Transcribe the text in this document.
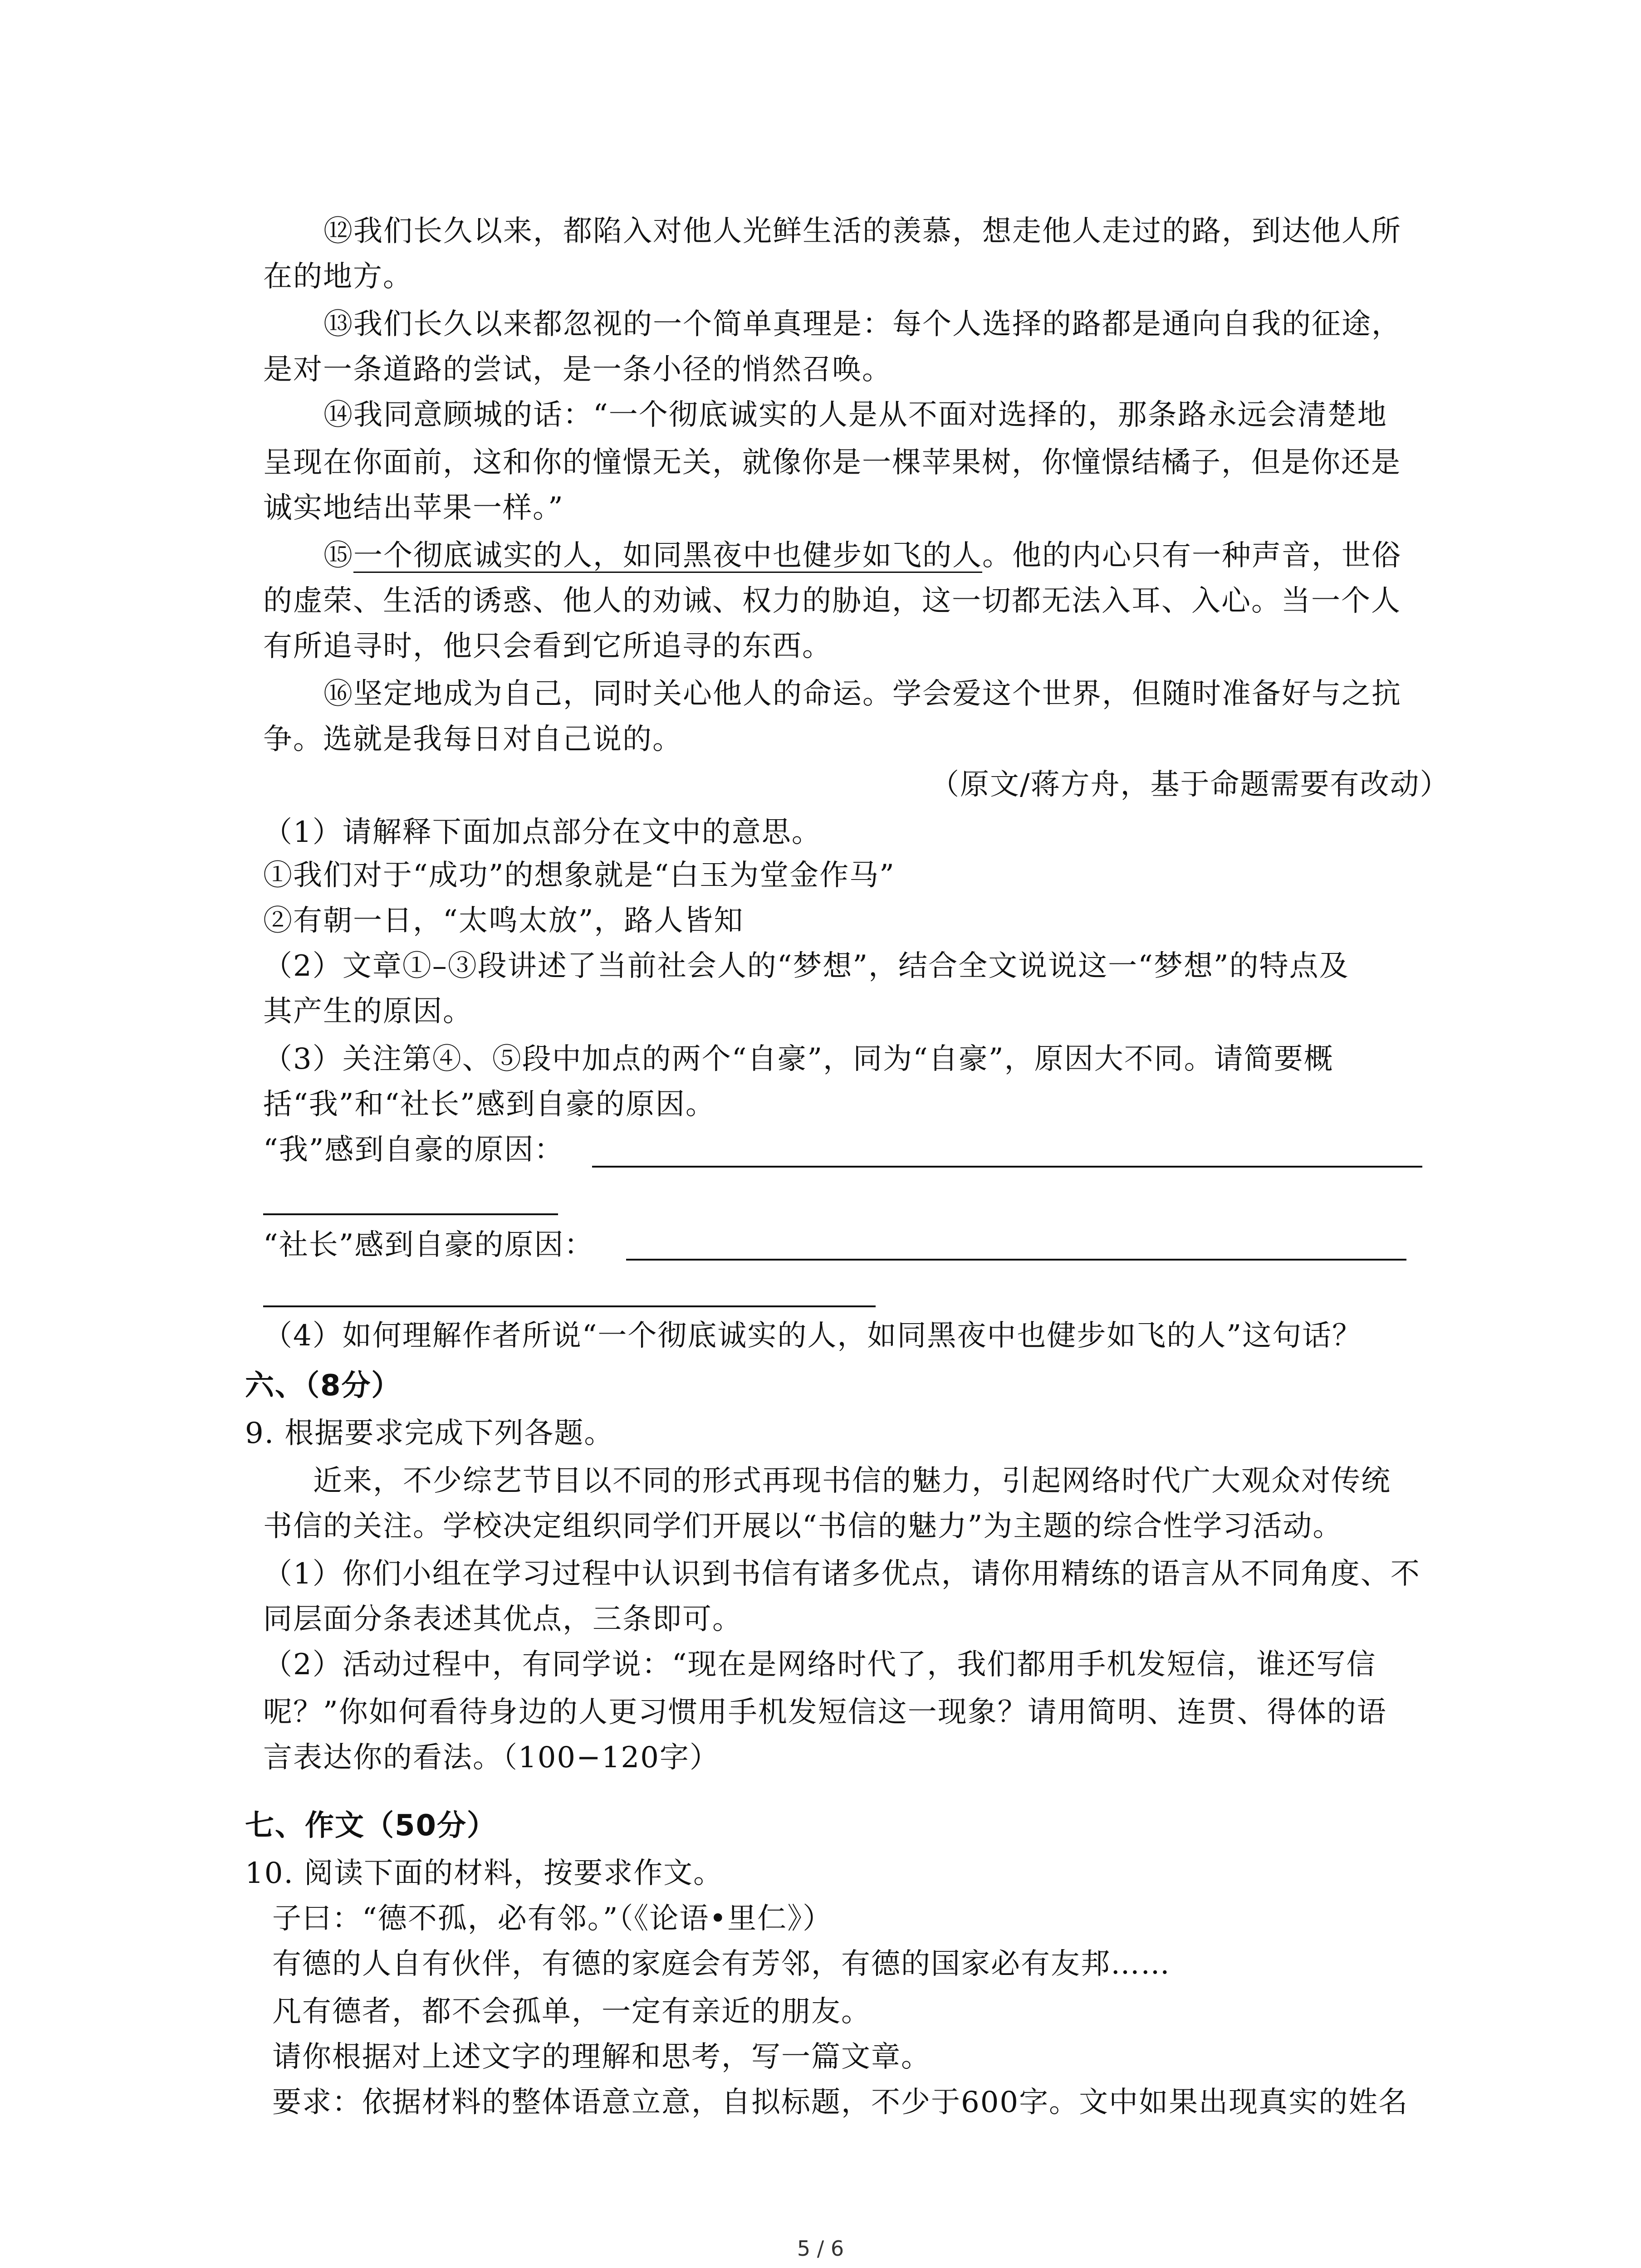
⑫我们长久以来，都陷入对他人光鲜生活的羡慕，想走他人走过的路，到达他人所

在的地方。

⑬我们长久以来都忽视的一个简单真理是：每个人选择的路都是通向自我的征途，

是对一条道路的尝试，是一条小径的悄然召唤。

⑭我同意顾城的话：“一个彻底诚实的人是从不面对选择的，那条路永远会清楚地

呈现在你面前，这和你的憧憬无关，就像你是一棵苹果树，你憧憬结橘子，但是你还是

诚实地结出苹果一样。”

⑮一个彻底诚实的人，如同黑夜中也健步如飞的人。他的内心只有一种声音，世俗

的虚荣、生活的诱惑、他人的劝诫、权力的胁迫，这一切都无法入耳、入心。当一个人

有所追寻时，他只会看到它所追寻的东西。

⑯坚定地成为自己，同时关心他人的命运。学会爱这个世界，但随时准备好与之抗

争。选就是我每日对自己说的。

（原文/蒋方舟，基于命题需要有改动）

（1）请解释下面加点部分在文中的意思。

①我们对于“成功”的想象就是“白玉为堂金作马”

②有朝一日，“太鸣太放”，路人皆知

（2）文章①–③段讲述了当前社会人的“梦想”，结合全文说说这一“梦想”的特点及

其产生的原因。

（3）关注第④、⑤段中加点的两个“自豪”，同为“自豪”，原因大不同。请简要概

括“我”和“社长”感到自豪的原因。

“我”感到自豪的原因：

“社长”感到自豪的原因：

（4）如何理解作者所说“一个彻底诚实的人，如同黑夜中也健步如飞的人”这句话？

六、（8分）

9. 根据要求完成下列各题。

近来，不少综艺节目以不同的形式再现书信的魅力，引起网络时代广大观众对传统

书信的关注。学校决定组织同学们开展以“书信的魅力”为主题的综合性学习活动。

（1）你们小组在学习过程中认识到书信有诸多优点，请你用精练的语言从不同角度、不

同层面分条表述其优点，三条即可。

（2）活动过程中，有同学说：“现在是网络时代了，我们都用手机发短信，谁还写信

呢？”你如何看待身边的人更习惯用手机发短信这一现象？请用简明、连贯、得体的语

言表达你的看法。（100−120字）

七、作文（50分）

10. 阅读下面的材料，按要求作文。

子曰：“德不孤，必有邻。”（《论语•里仁》）

有德的人自有伙伴，有德的家庭会有芳邻，有德的国家必有友邦……

凡有德者，都不会孤单，一定有亲近的朋友。

请你根据对上述文字的理解和思考，写一篇文章。

要求：依据材料的整体语意立意，自拟标题，不少于600字。文中如果出现真实的姓名

5 / 6
